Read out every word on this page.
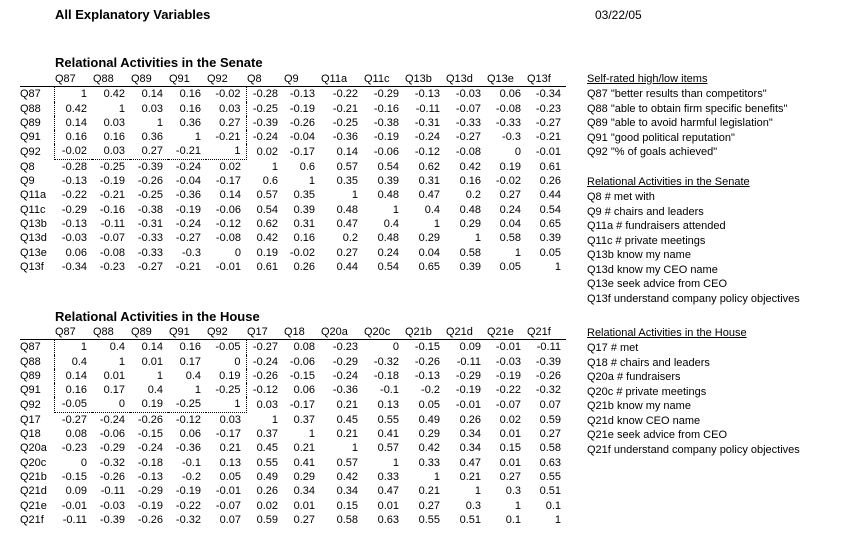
All Explanatory Variables	03/22/05
Relational Activities in the Senate
	Q87	Q88	Q89	Q91	Q92	Q8	Q9	Q11a	Q11c	Q13b	Q13d	Q13e	Q13f
Q87	1	0.42	0.14	0.16	-0.02	-0.28	-0.13	-0.22	-0.29	-0.13	-0.03	0.06	-0.34
Q88	0.42	1	0.03	0.16	0.03	-0.25	-0.19	-0.21	-0.16	-0.11	-0.07	-0.08	-0.23
Q89	0.14	0.03	1	0.36	0.27	-0.39	-0.26	-0.25	-0.38	-0.31	-0.33	-0.33	-0.27
Q91	0.16	0.16	0.36	1	-0.21	-0.24	-0.04	-0.36	-0.19	-0.24	-0.27	-0.3	-0.21
Q92	-0.02	0.03	0.27	-0.21	1	0.02	-0.17	0.14	-0.06	-0.12	-0.08	0	-0.01
Q8	-0.28	-0.25	-0.39	-0.24	0.02	1	0.6	0.57	0.54	0.62	0.42	0.19	0.61
Q9	-0.13	-0.19	-0.26	-0.04	-0.17	0.6	1	0.35	0.39	0.31	0.16	-0.02	0.26
Q11a	-0.22	-0.21	-0.25	-0.36	0.14	0.57	0.35	1	0.48	0.47	0.2	0.27	0.44
Q11c	-0.29	-0.16	-0.38	-0.19	-0.06	0.54	0.39	0.48	1	0.4	0.48	0.24	0.54
Q13b	-0.13	-0.11	-0.31	-0.24	-0.12	0.62	0.31	0.47	0.4	1	0.29	0.04	0.65
Q13d	-0.03	-0.07	-0.33	-0.27	-0.08	0.42	0.16	0.2	0.48	0.29	1	0.58	0.39
Q13e	0.06	-0.08	-0.33	-0.3	0	0.19	-0.02	0.27	0.24	0.04	0.58	1	0.05
Q13f	-0.34	-0.23	-0.27	-0.21	-0.01	0.61	0.26	0.44	0.54	0.65	0.39	0.05	1
Relational Activities in the House
	Q87	Q88	Q89	Q91	Q92	Q17	Q18	Q20a	Q20c	Q21b	Q21d	Q21e	Q21f
Q87	1	0.4	0.14	0.16	-0.05	-0.27	0.08	-0.23	0	-0.15	0.09	-0.01	-0.11
Q88	0.4	1	0.01	0.17	0	-0.24	-0.06	-0.29	-0.32	-0.26	-0.11	-0.03	-0.39
Q89	0.14	0.01	1	0.4	0.19	-0.26	-0.15	-0.24	-0.18	-0.13	-0.29	-0.19	-0.26
Q91	0.16	0.17	0.4	1	-0.25	-0.12	0.06	-0.36	-0.1	-0.2	-0.19	-0.22	-0.32
Q92	-0.05	0	0.19	-0.25	1	0.03	-0.17	0.21	0.13	0.05	-0.01	-0.07	0.07
Q17	-0.27	-0.24	-0.26	-0.12	0.03	1	0.37	0.45	0.55	0.49	0.26	0.02	0.59
Q18	0.08	-0.06	-0.15	0.06	-0.17	0.37	1	0.21	0.41	0.29	0.34	0.01	0.27
Q20a	-0.23	-0.29	-0.24	-0.36	0.21	0.45	0.21	1	0.57	0.42	0.34	0.15	0.58
Q20c	0	-0.32	-0.18	-0.1	0.13	0.55	0.41	0.57	1	0.33	0.47	0.01	0.63
Q21b	-0.15	-0.26	-0.13	-0.2	0.05	0.49	0.29	0.42	0.33	1	0.21	0.27	0.55
Q21d	0.09	-0.11	-0.29	-0.19	-0.01	0.26	0.34	0.34	0.47	0.21	1	0.3	0.51
Q21e	-0.01	-0.03	-0.19	-0.22	-0.07	0.02	0.01	0.15	0.01	0.27	0.3	1	0.1
Q21f	-0.11	-0.39	-0.26	-0.32	0.07	0.59	0.27	0.58	0.63	0.55	0.51	0.1	1
Self-rated high/low items
Q87 "better results than competitors"
Q88 "able to obtain firm specific benefits"
Q89 "able to avoid harmful legislation"
Q91 "good political reputation"
Q92 "% of goals achieved"
Relational Activities in the Senate
Q8 # met with
Q9 # chairs and leaders
Q11a # fundraisers attended
Q11c # private meetings
Q13b know my name
Q13d know my CEO name
Q13e seek advice from CEO
Q13f understand company policy objectives
Relational Activities in the House
Q17 # met
Q18 # chairs and leaders
Q20a # fundraisers
Q20c # private meetings
Q21b know my name
Q21d know CEO name
Q21e seek advice from CEO
Q21f understand company policy objectives
